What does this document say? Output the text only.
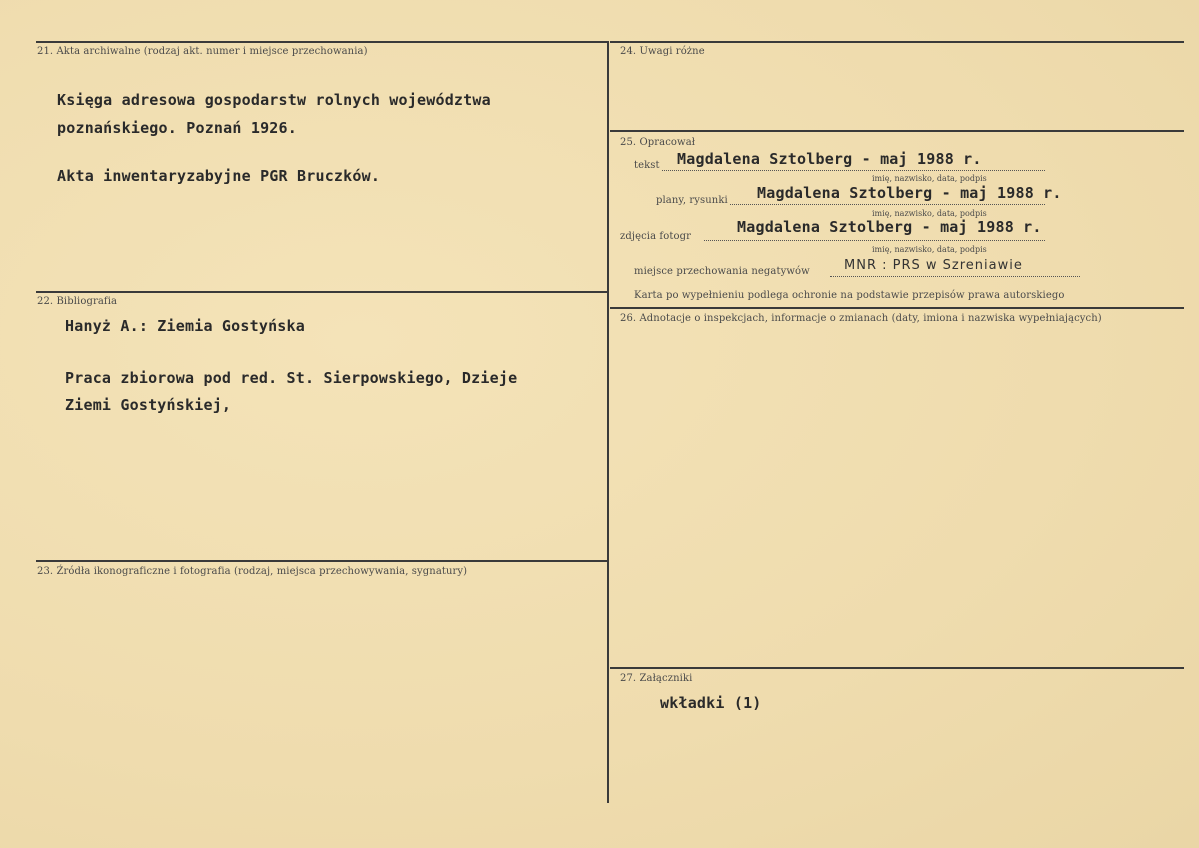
21. Akta archiwalne (rodzaj akt. numer i miejsce przechowania)
Księga adresowa gospodarstw rolnych województwa
poznańskiego. Poznań 1926.
Akta inwentaryzabyjne PGR Bruczków.
22. Bibliografia
Hanyż A.: Ziemia Gostyńska
Praca zbiorowa pod red. St. Sierpowskiego, Dzieje
Ziemi Gostyńskiej,
23. Źródła ikonograficzne i fotografia (rodzaj, miejsca przechowywania, sygnatury)
24. Uwagi różne
25. Opracował
tekst Magdalena Sztolberg - maj 1988 r.
imię, nazwisko, data, podpis
plany, rysunki Magdalena Sztolberg - maj 1988 r.
imię, nazwisko, data, podpis
zdjęcia fotogr
Magdalena Sztolberg - maj 1988 r.
imię, nazwisko, data, podpis
miejsce przechowania negatywów	MNR : PRS w Szreniawie
Karta po wypełnieniu podlega ochronie na podstawie przepisów prawa autorskiego
26. Adnotacje o inspekcjach, informacje o zmianach (daty, imiona i nazwiska wypełniających)
27. Załączniki
wkładki (1)
